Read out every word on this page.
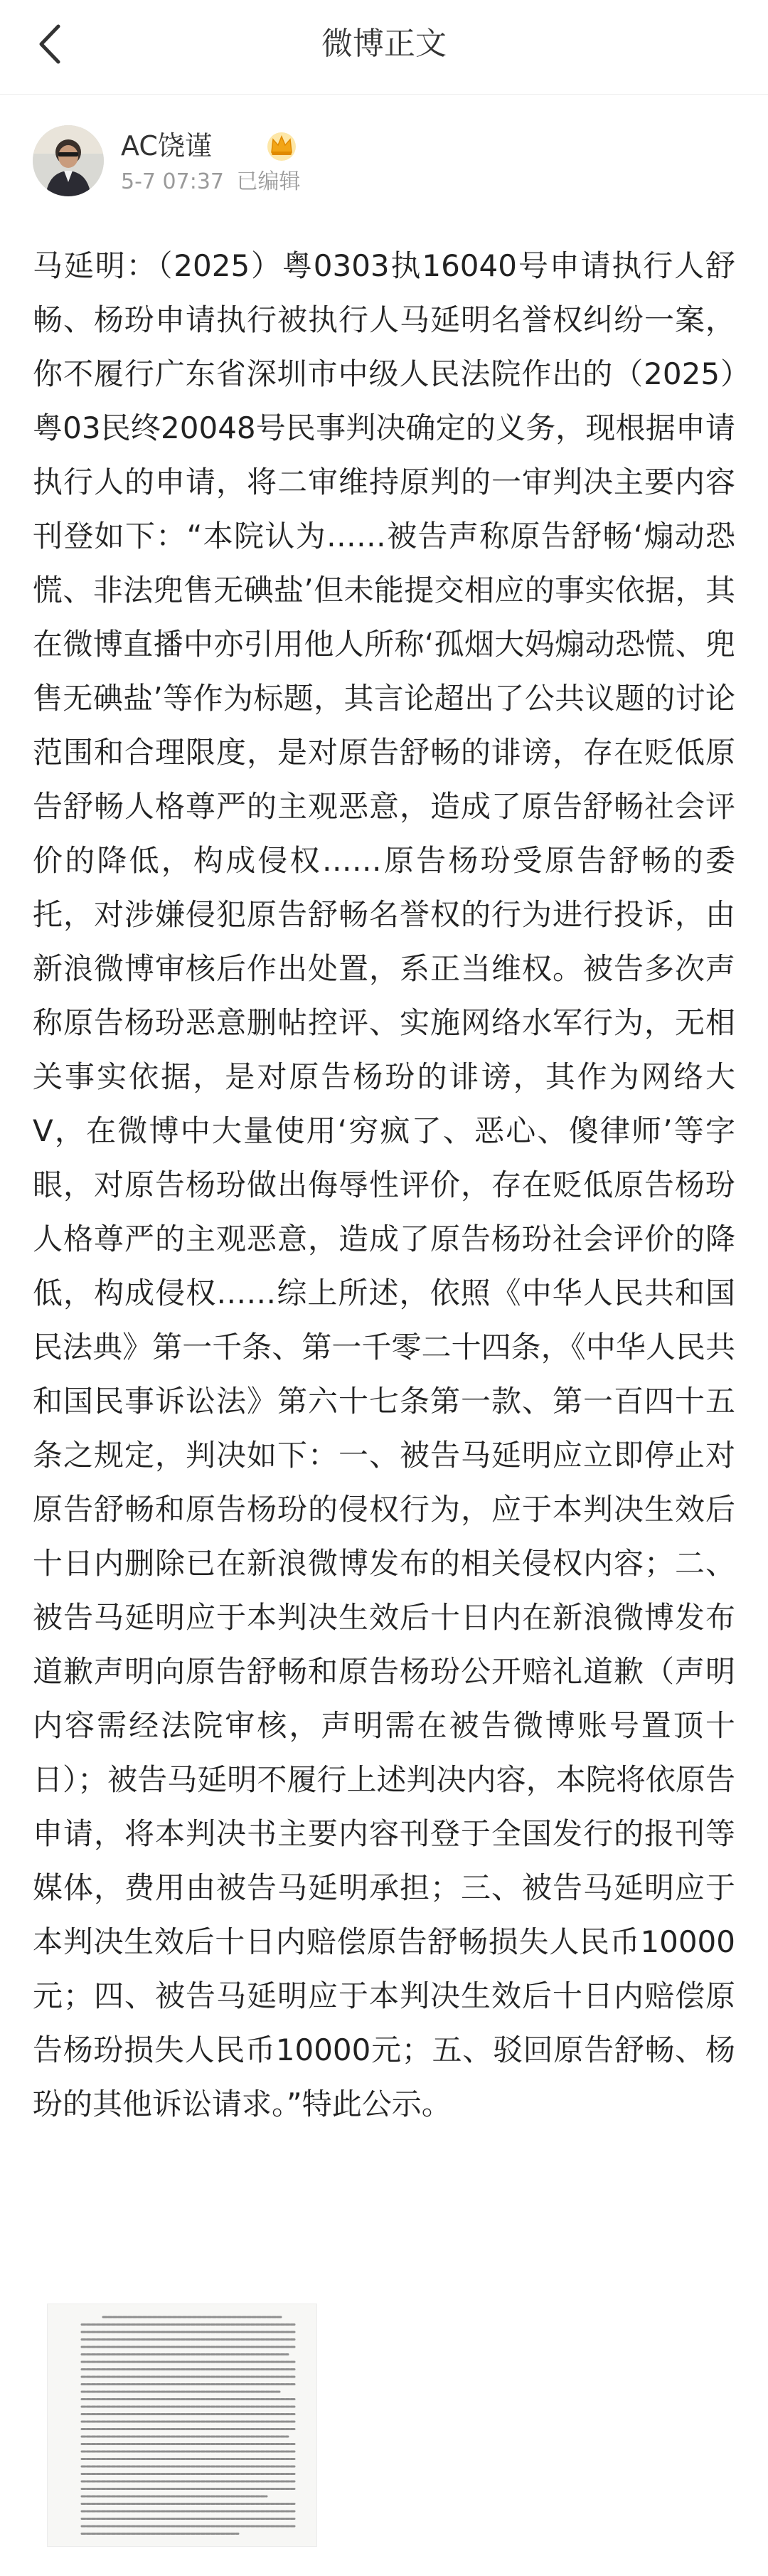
微博正文
AC饶谨
5-7 07:37 已编辑

马延明：（2025）粤0303执16040号申请执行人舒畅、杨玢申请执行被执行人马延明名誉权纠纷一案，你不履行广东省深圳市中级人民法院作出的（2025）粤03民终20048号民事判决确定的义务，现根据申请执行人的申请，将二审维持原判的一审判决主要内容刊登如下：“本院认为……被告声称原告舒畅‘煽动恐慌、非法兜售无碘盐’但未能提交相应的事实依据，其在微博直播中亦引用他人所称‘孤烟大妈煽动恐慌、兜售无碘盐’等作为标题，其言论超出了公共议题的讨论范围和合理限度，是对原告舒畅的诽谤，存在贬低原告舒畅人格尊严的主观恶意，造成了原告舒畅社会评价的降低，构成侵权……原告杨玢受原告舒畅的委托，对涉嫌侵犯原告舒畅名誉权的行为进行投诉，由新浪微博审核后作出处置，系正当维权。被告多次声称原告杨玢恶意删帖控评、实施网络水军行为，无相关事实依据，是对原告杨玢的诽谤，其作为网络大V，在微博中大量使用‘穷疯了、恶心、傻律师’等字眼，对原告杨玢做出侮辱性评价，存在贬低原告杨玢人格尊严的主观恶意，造成了原告杨玢社会评价的降低，构成侵权……综上所述，依照《中华人民共和国民法典》第一千条、第一千零二十四条，《中华人民共和国民事诉讼法》第六十七条第一款、第一百四十五条之规定，判决如下：一、被告马延明应立即停止对原告舒畅和原告杨玢的侵权行为，应于本判决生效后十日内删除已在新浪微博发布的相关侵权内容；二、被告马延明应于本判决生效后十日内在新浪微博发布道歉声明向原告舒畅和原告杨玢公开赔礼道歉（声明内容需经法院审核，声明需在被告微博账号置顶十日）；被告马延明不履行上述判决内容，本院将依原告申请，将本判决书主要内容刊登于全国发行的报刊等媒体，费用由被告马延明承担；三、被告马延明应于本判决生效后十日内赔偿原告舒畅损失人民币10000元；四、被告马延明应于本判决生效后十日内赔偿原告杨玢损失人民币10000元；五、驳回原告舒畅、杨玢的其他诉讼请求。”特此公示。
